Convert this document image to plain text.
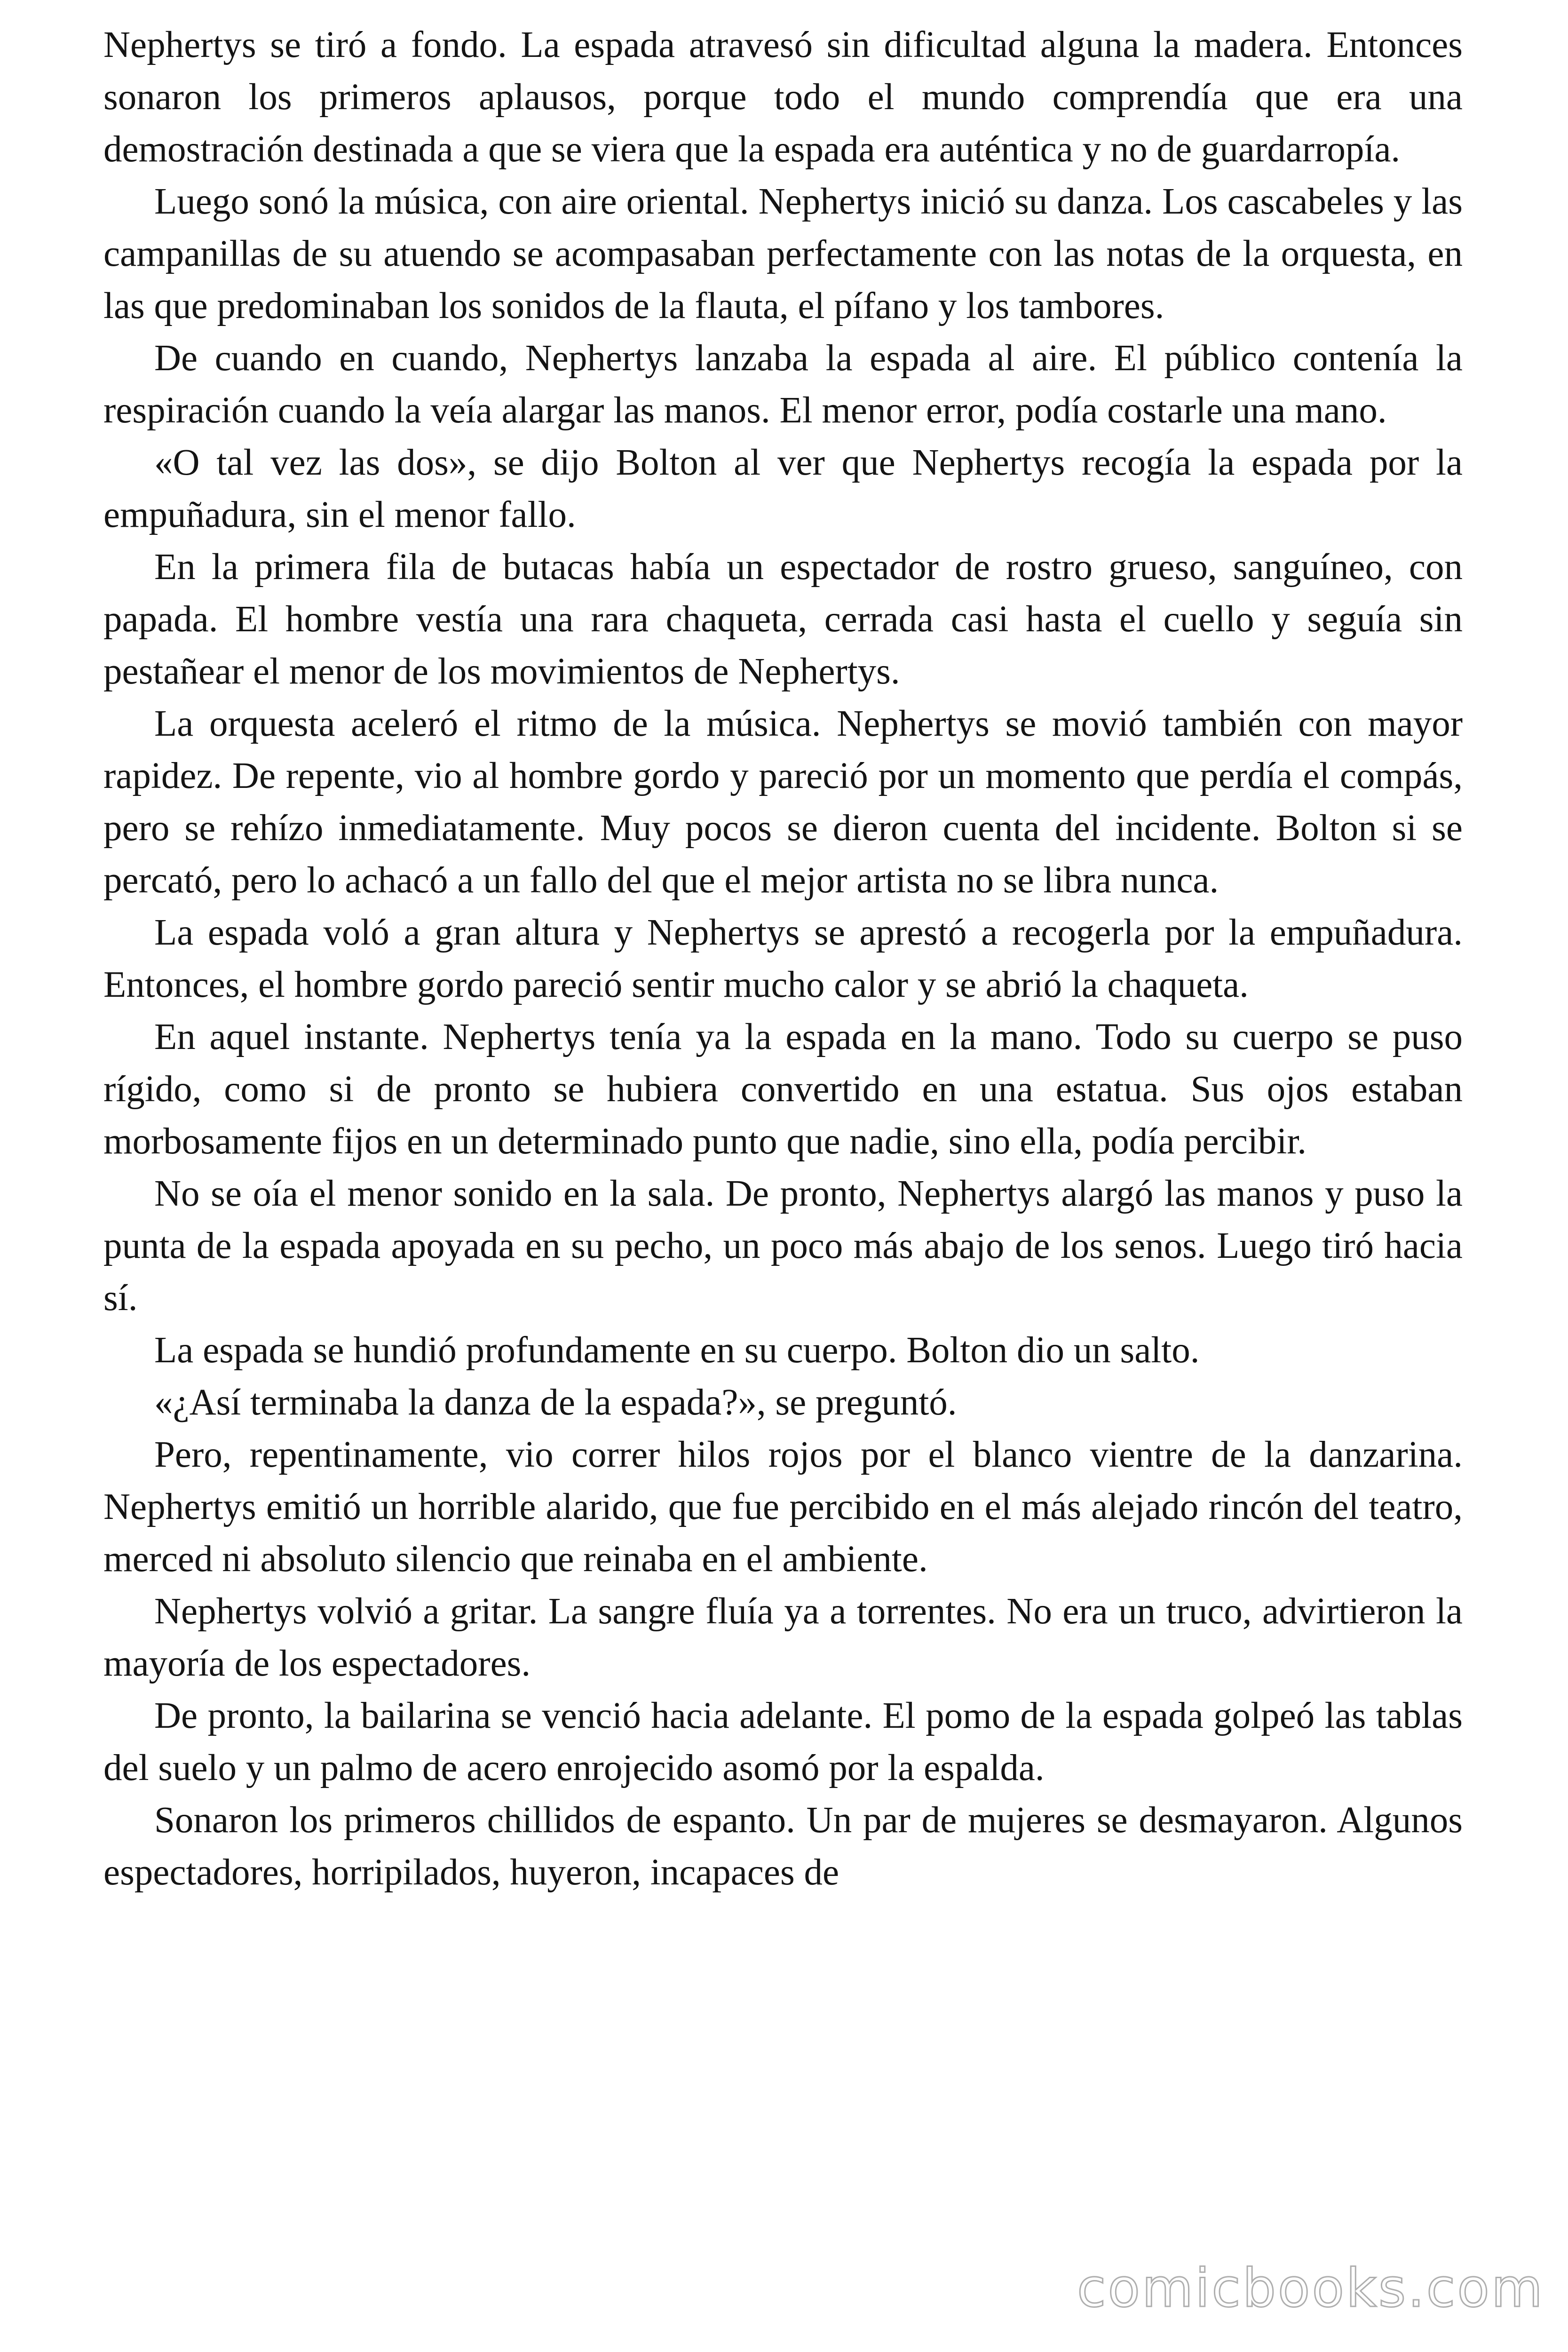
Nephertys se tiró a fondo. La espada atravesó sin dificultad alguna la madera. Entonces sonaron los primeros aplausos, porque todo el mundo comprendía que era una demostración destinada a que se viera que la espada era auténtica y no de guardarropía.

Luego sonó la música, con aire oriental. Nephertys inició su danza. Los cascabeles y las campanillas de su atuendo se acompasaban perfectamente con las notas de la orquesta, en las que predominaban los sonidos de la flauta, el pífano y los tambores.

De cuando en cuando, Nephertys lanzaba la espada al aire. El público contenía la respiración cuando la veía alargar las manos. El menor error, podía costarle una mano.

«O tal vez las dos», se dijo Bolton al ver que Nephertys recogía la espada por la empuñadura, sin el menor fallo.

En la primera fila de butacas había un espectador de rostro grueso, sanguíneo, con papada. El hombre vestía una rara chaqueta, cerrada casi hasta el cuello y seguía sin pestañear el menor de los movimientos de Nephertys.

La orquesta aceleró el ritmo de la música. Nephertys se movió también con mayor rapidez. De repente, vio al hombre gordo y pareció por un momento que perdía el compás, pero se rehízo inmediatamente. Muy pocos se dieron cuenta del incidente. Bolton si se percató, pero lo achacó a un fallo del que el mejor artista no se libra nunca.

La espada voló a gran altura y Nephertys se aprestó a recogerla por la empuñadura. Entonces, el hombre gordo pareció sentir mucho calor y se abrió la chaqueta.

En aquel instante. Nephertys tenía ya la espada en la mano. Todo su cuerpo se puso rígido, como si de pronto se hubiera convertido en una estatua. Sus ojos estaban morbosamente fijos en un determinado punto que nadie, sino ella, podía percibir.

No se oía el menor sonido en la sala. De pronto, Nephertys alargó las manos y puso la punta de la espada apoyada en su pecho, un poco más abajo de los senos. Luego tiró hacia sí.

La espada se hundió profundamente en su cuerpo. Bolton dio un salto.

«¿Así terminaba la danza de la espada?», se preguntó.

Pero, repentinamente, vio correr hilos rojos por el blanco vientre de la danzarina. Nephertys emitió un horrible alarido, que fue percibido en el más alejado rincón del teatro, merced ni absoluto silencio que reinaba en el ambiente.

Nephertys volvió a gritar. La sangre fluía ya a torrentes. No era un truco, advirtieron la mayoría de los espectadores.

De pronto, la bailarina se venció hacia adelante. El pomo de la espada golpeó las tablas del suelo y un palmo de acero enrojecido asomó por la espalda.

Sonaron los primeros chillidos de espanto. Un par de mujeres se desmayaron. Algunos espectadores, horripilados, huyeron, incapaces de

comicbooks.com
